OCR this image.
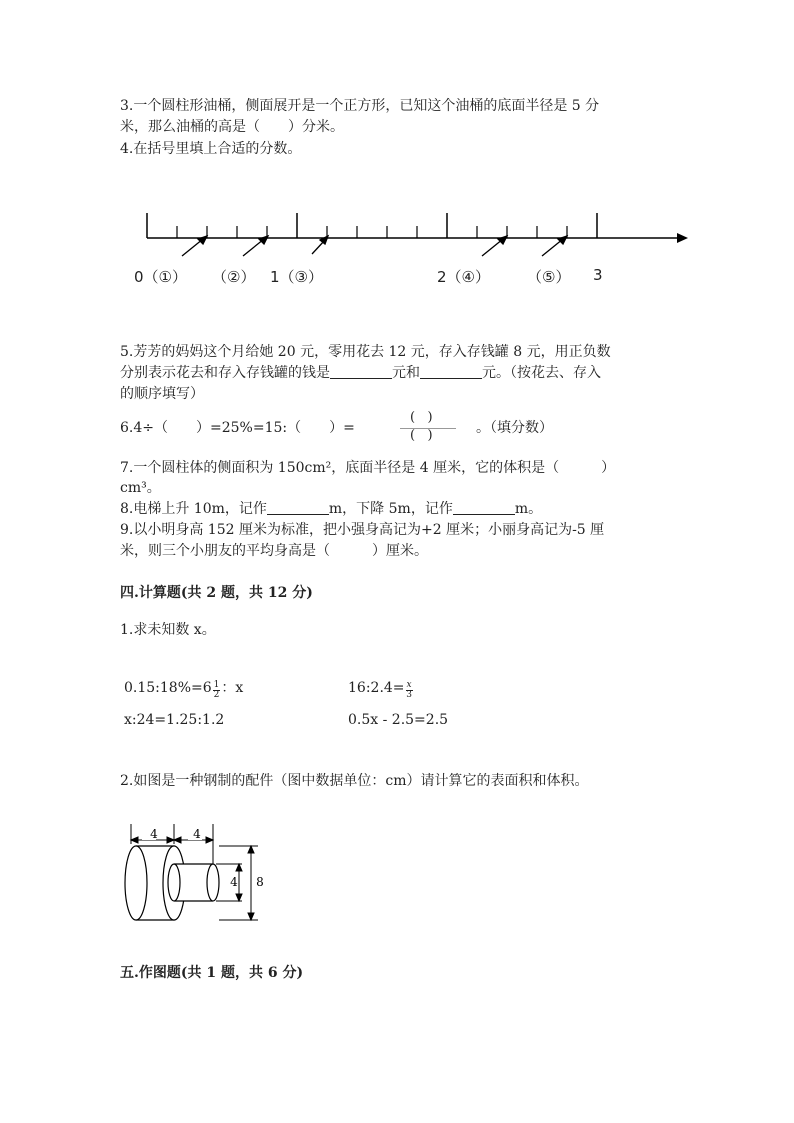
3.一个圆柱形油桶，侧面展开是一个正方形，已知这个油桶的底面半径是 5 分
米，那么油桶的高是（　　）分米。
4.在括号里填上合适的分数。
0（①） （②） 1（③）	2（④） （⑤） 3
5.芳芳的妈妈这个月给她 20 元，零用花去 12 元，存入存钱罐 8 元，用正负数
分别表示花去和存入存钱罐的钱是	元和	元。（按花去、存入
的顺序填写）
6.4÷（　　）=25%=15:（　　）=	$\frac{( )}{( )}$ 。（填分数）
7.一个圆柱体的侧面积为 150cm²，底面半径是 4 厘米，它的体积是（　　　）
cm³。
8.电梯上升 10m，记作	m，下降 5m，记作	m。
9.以小明身高 152 厘米为标准，把小强身高记为+2 厘米；小丽身高记为-5 厘
米，则三个小朋友的平均身高是（　　　）厘米。
四.计算题(共 2 题，共 12 分)
1.求未知数 x。
0.15:18%=6 $\frac{1}{2}$ ：x	16:2.4= $\frac{x}{3}$
x:24=1.25:1.2	0.5x - 2.5=2.5
2.如图是一种钢制的配件（图中数据单位：cm）请计算它的表面积和体积。
4	4
4 8
五.作图题(共 1 题，共 6 分)
